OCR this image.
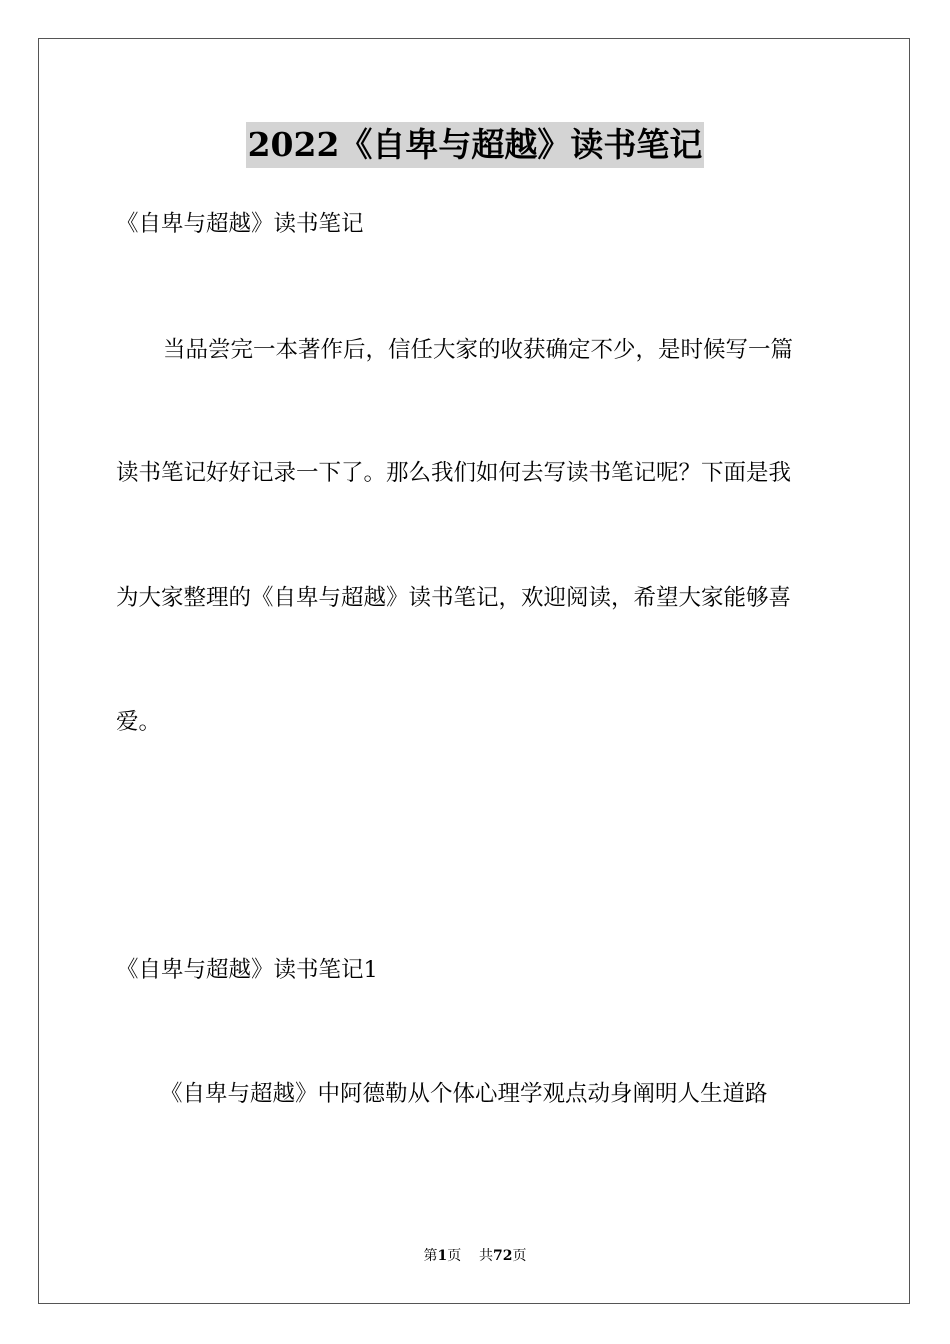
2022《自卑与超越》读书笔记
《自卑与超越》读书笔记
当品尝完一本著作后，信任大家的收获确定不少，是时候写一篇
读书笔记好好记录一下了。那么我们如何去写读书笔记呢？下面是我
为大家整理的《自卑与超越》读书笔记，欢迎阅读，希望大家能够喜
爱。
《自卑与超越》读书笔记1
《自卑与超越》中阿德勒从个体心理学观点动身阐明人生道路
第1页    共72页
